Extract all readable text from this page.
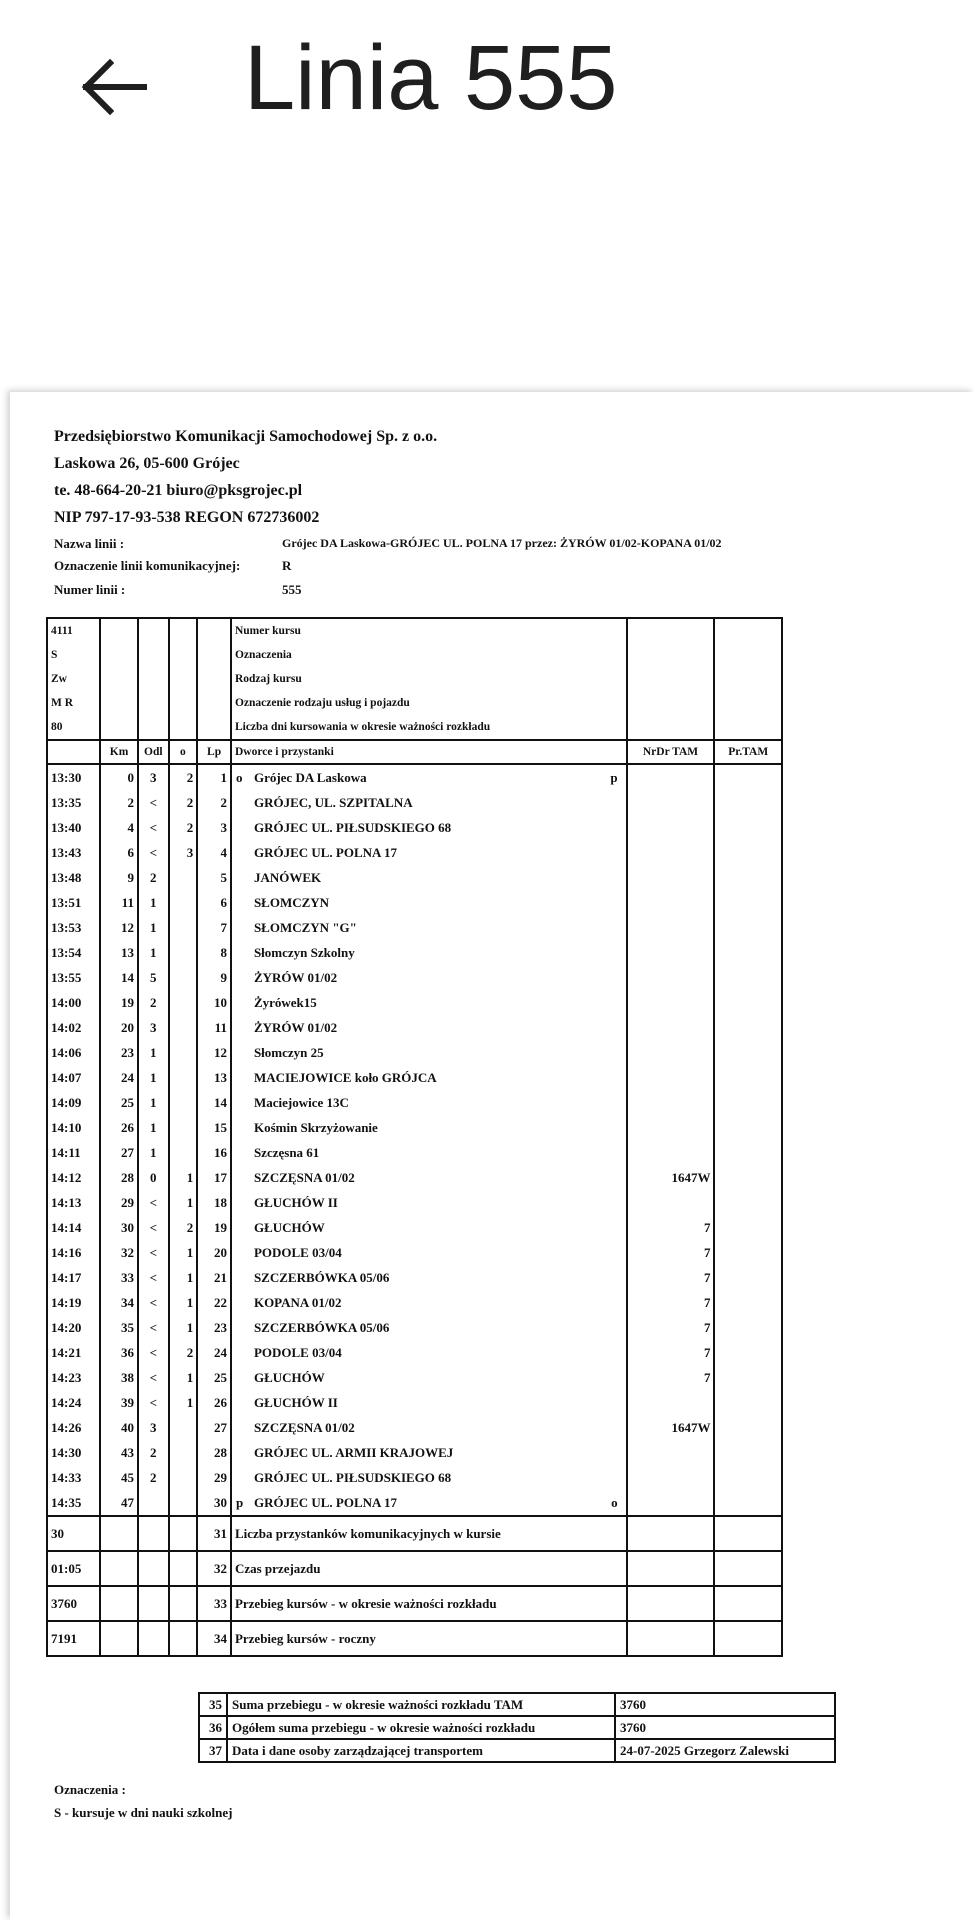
Linia 555
Przedsiębiorstwo Komunikacji Samochodowej Sp. z o.o.
Laskowa 26, 05-600 Grójec
te. 48-664-20-21 biuro@pksgrojec.pl
NIP 797-17-93-538 REGON 672736002
Nazwa linii :	Grójec DA Laskowa-GRÓJEC UL. POLNA 17 przez: ŻYRÓW 01/02-KOPANA 01/02
Oznaczenie linii komunikacyjnej:	R
Numer linii :	555
4111					Numer kursu		
S					Oznaczenia		
Zw					Rodzaj kursu		
M R					Oznaczenie rodzaju usług i pojazdu		
80					Liczba dni kursowania w okresie ważności rozkładu		
	Km	Odl	o	Lp	Dworce i przystanki	NrDr TAM	Pr.TAM
13:30	0	3	2	1	o Grójec DA Laskowa p		

13:35	2	<	2	2	GRÓJEC, UL. SZPITALNA

13:40	4	<	2	3	GRÓJEC UL. PIŁSUDSKIEGO 68

13:43	6	<	3	4	GRÓJEC UL. POLNA 17

13:48	9	2		5	JANÓWEK

13:51	11	1		6	SŁOMCZYN

13:53	12	1		7	SŁOMCZYN "G"

13:54	13	1		8	Słomczyn Szkolny

13:55	14	5		9	ŻYRÓW 01/02

14:00	19	2		10	Żyrówek15

14:02	20	3		11	ŻYRÓW 01/02

14:06	23	1		12	Słomczyn 25

14:07	24	1		13	MACIEJOWICE koło GRÓJCA

14:09	25	1		14	Maciejowice 13C

14:10	26	1		15	Kośmin Skrzyżowanie

14:11	27	1		16	Szczęsna 61

14:12	28	0	1	17	SZCZĘSNA 01/02	1647W	
14:13	29	<	1	18	GŁUCHÓW II

14:14	30	<	2	19	GŁUCHÓW	7	
14:16	32	<	1	20	PODOLE 03/04	7	
14:17	33	<	1	21	SZCZERBÓWKA 05/06	7	
14:19	34	<	1	22	KOPANA 01/02	7	
14:20	35	<	1	23	SZCZERBÓWKA 05/06	7	
14:21	36	<	2	24	PODOLE 03/04	7	
14:23	38	<	1	25	GŁUCHÓW	7	
14:24	39	<	1	26	GŁUCHÓW II

14:26	40	3		27	SZCZĘSNA 01/02	1647W	
14:30	43	2		28	GRÓJEC UL. ARMII KRAJOWEJ

14:33	45	2		29	GRÓJEC UL. PIŁSUDSKIEGO 68

14:35	47			30	p GRÓJEC UL. POLNA 17 o		

30				31	Liczba przystanków komunikacyjnych w kursie		
01:05				32	Czas przejazdu		
3760				33	Przebieg kursów - w okresie ważności rozkładu		
7191				34	Przebieg kursów - roczny		
35	Suma przebiegu - w okresie ważności rozkładu TAM	3760
36	Ogółem suma przebiegu - w okresie ważności rozkładu	3760
37	Data i dane osoby zarządzającej transportem	24-07-2025 Grzegorz Zalewski
Oznaczenia :
S - kursuje w dni nauki szkolnej
